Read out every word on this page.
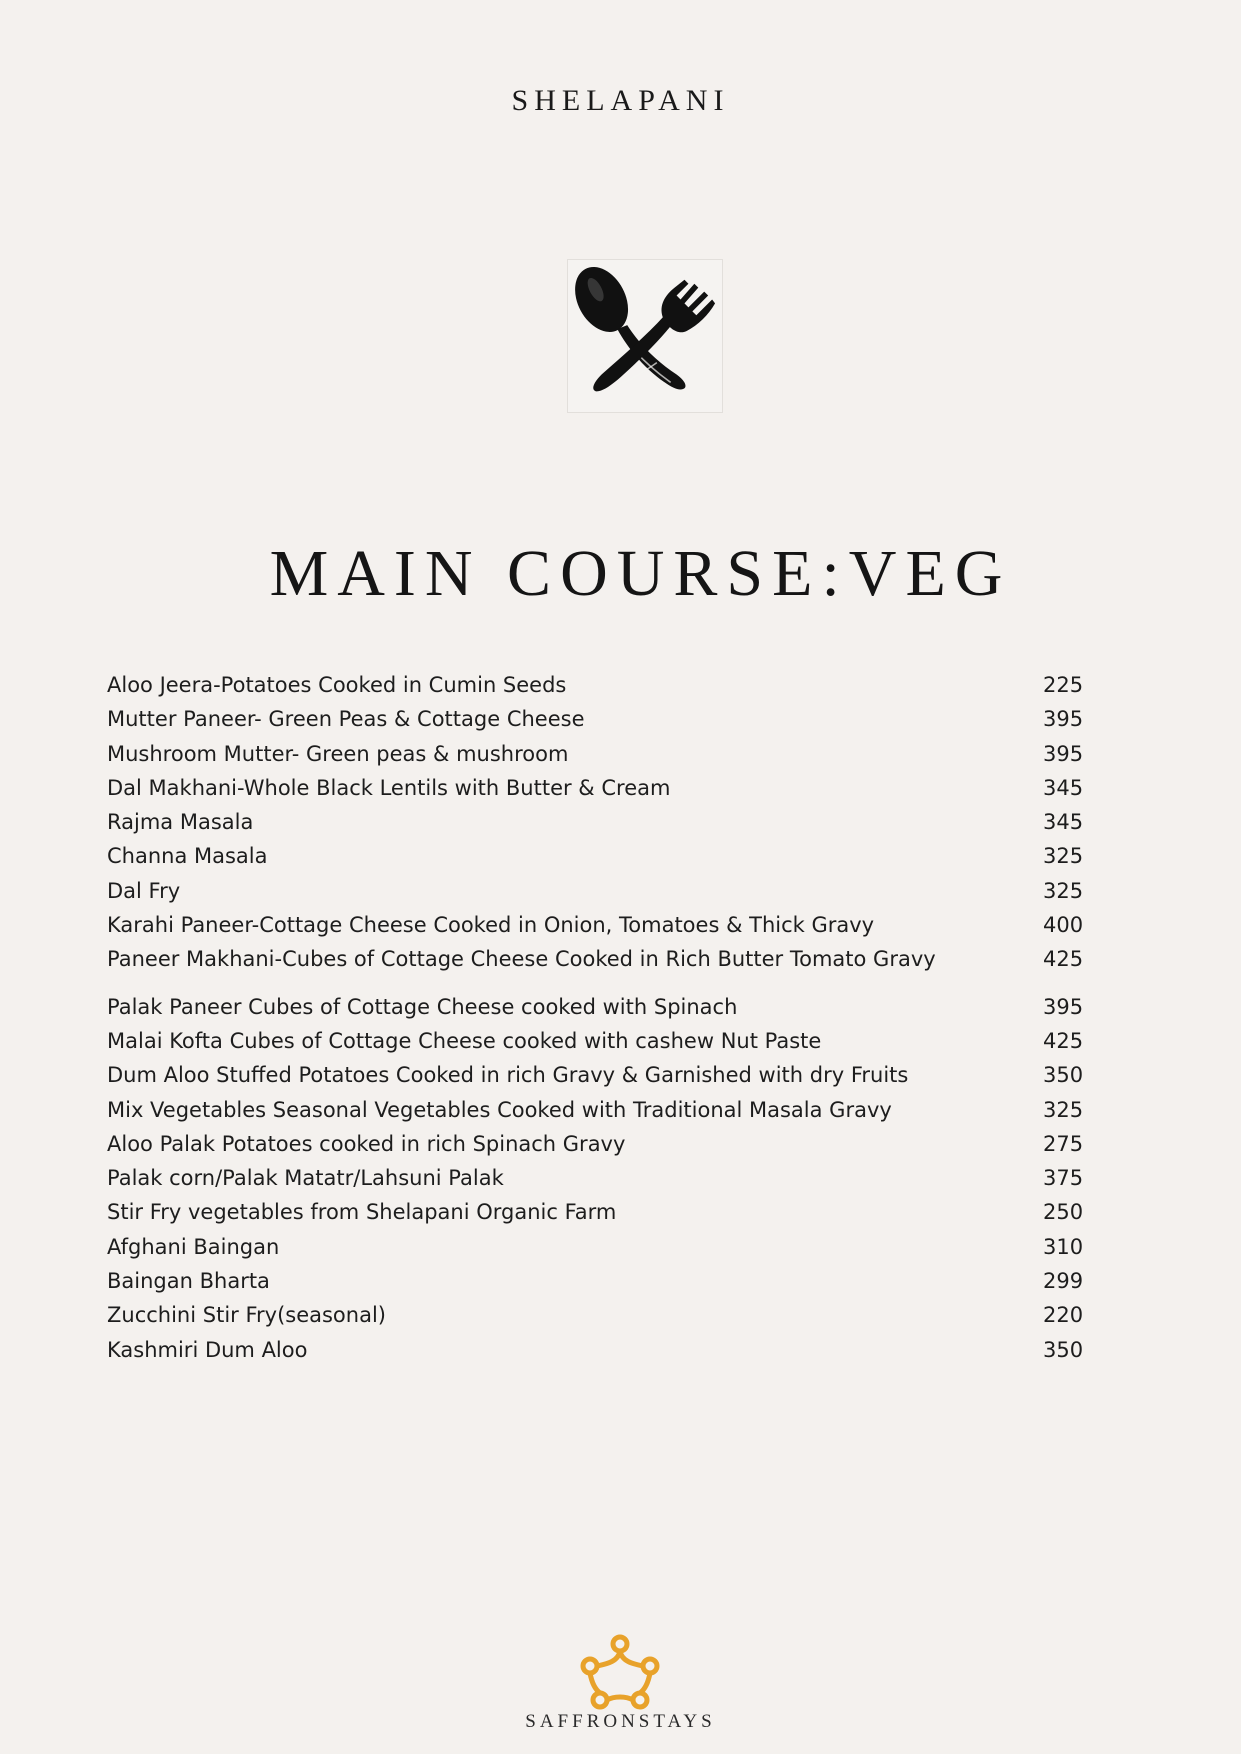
SHELAPANI
MAIN COURSE:VEG
Aloo Jeera-Potatoes Cooked in Cumin Seeds	225
Mutter Paneer- Green Peas & Cottage Cheese	395
Mushroom Mutter- Green peas & mushroom	395
Dal Makhani-Whole Black Lentils with Butter & Cream	345
Rajma Masala	345
Channa Masala	325
Dal Fry	325
Karahi Paneer-Cottage Cheese Cooked in Onion, Tomatoes & Thick Gravy	400
Paneer Makhani-Cubes of Cottage Cheese Cooked in Rich Butter Tomato Gravy	425
Palak Paneer Cubes of Cottage Cheese cooked with Spinach	395
Malai Kofta Cubes of Cottage Cheese cooked with cashew Nut Paste	425
Dum Aloo Stuffed Potatoes Cooked in rich Gravy & Garnished with dry Fruits	350
Mix Vegetables Seasonal Vegetables Cooked with Traditional Masala Gravy	325
Aloo Palak Potatoes cooked in rich Spinach Gravy	275
Palak corn/Palak Matatr/Lahsuni Palak	375
Stir Fry vegetables from Shelapani Organic Farm	250
Afghani Baingan	310
Baingan Bharta	299
Zucchini Stir Fry(seasonal)	220
Kashmiri Dum Aloo	350
SAFFRONSTAYS
